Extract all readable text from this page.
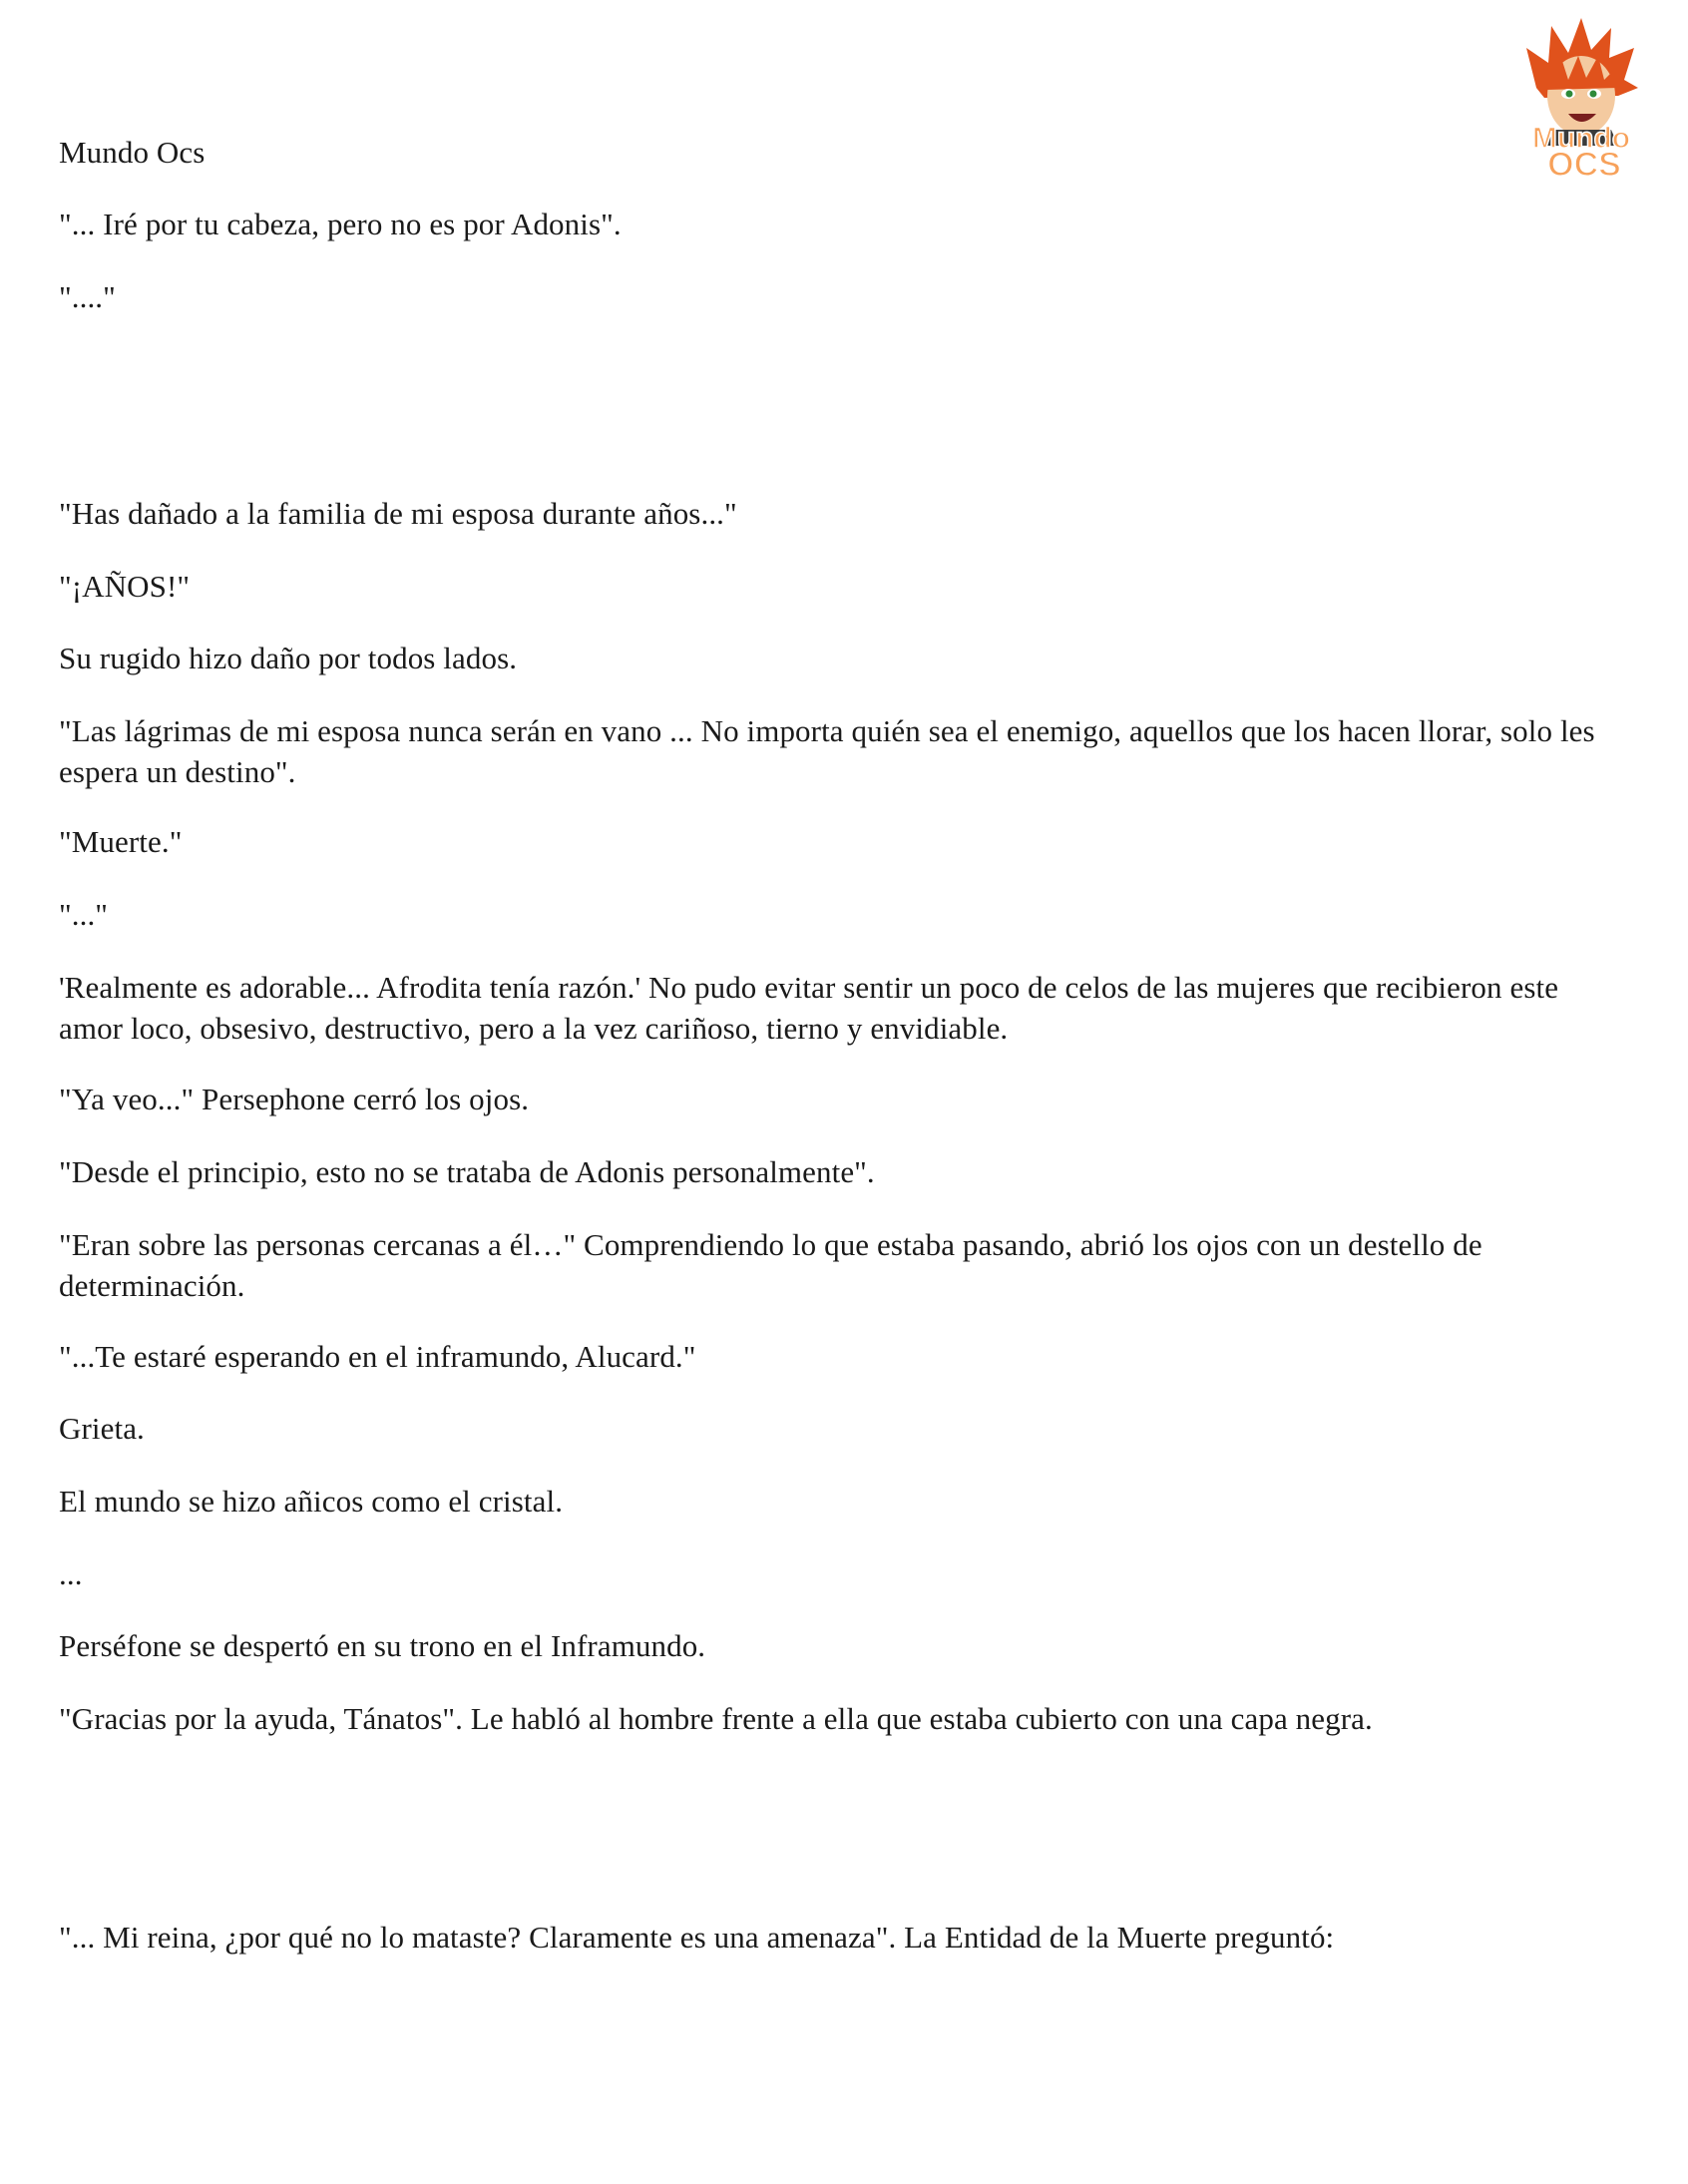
Mundo
OCS

Mundo Ocs

"... Iré por tu cabeza, pero no es por Adonis".

"...."

"Has dañado a la familia de mi esposa durante años..."

"¡AÑOS!"

Su rugido hizo daño por todos lados.

"Las lágrimas de mi esposa nunca serán en vano ... No importa quién sea el enemigo, aquellos que los hacen llorar, solo les espera un destino".

"Muerte."

"..."

'Realmente es adorable... Afrodita tenía razón.' No pudo evitar sentir un poco de celos de las mujeres que recibieron este amor loco, obsesivo, destructivo, pero a la vez cariñoso, tierno y envidiable.

"Ya veo..." Persephone cerró los ojos.

"Desde el principio, esto no se trataba de Adonis personalmente".

"Eran sobre las personas cercanas a él…" Comprendiendo lo que estaba pasando, abrió los ojos con un destello de determinación.

"...Te estaré esperando en el inframundo, Alucard."

Grieta.

El mundo se hizo añicos como el cristal.

...

Perséfone se despertó en su trono en el Inframundo.

"Gracias por la ayuda, Tánatos". Le habló al hombre frente a ella que estaba cubierto con una capa negra.

"... Mi reina, ¿por qué no lo mataste? Claramente es una amenaza". La Entidad de la Muerte preguntó:
